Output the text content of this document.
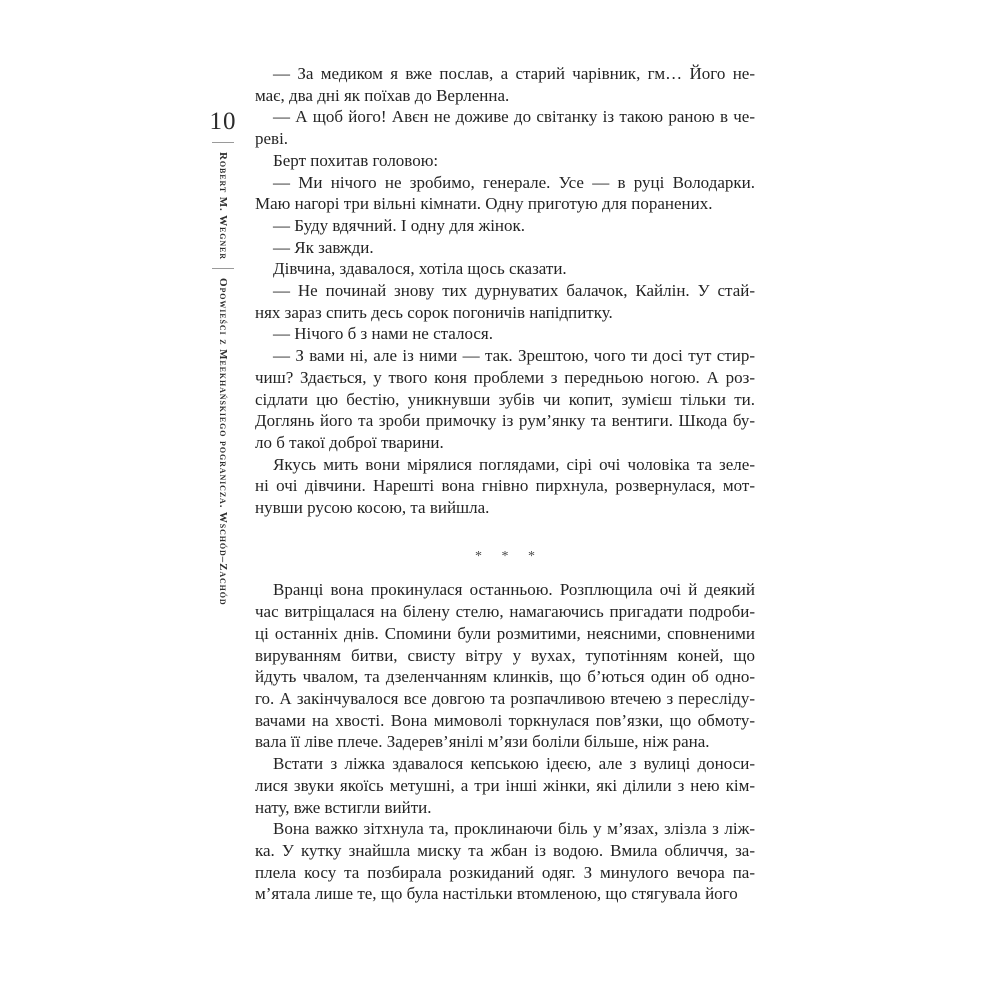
10
Robert M. Wegner
Opowieści z Meekhańskiego pogranicza. Wschód–Zachód

— За медиком я вже послав, а старий чарівник, гм… Його не-
має, два дні як поїхав до Верленна.

— А щоб його! Авєн не доживе до світанку із такою раною в че-
реві.

Берт похитав головою:

— Ми нічого не зробимо, генерале. Усе — в руці Володарки.
Маю нагорі три вільні кімнати. Одну приготую для поранених.

— Буду вдячний. І одну для жінок.

— Як завжди.

Дівчина, здавалося, хотіла щось сказати.

— Не починай знову тих дурнуватих балачок, Кайлін. У стай-
нях зараз спить десь сорок погоничів напідпитку.

— Нічого б з нами не сталося.

— З вами ні, але із ними — так. Зрештою, чого ти досі тут стир-
чиш? Здається, у твого коня проблеми з передньою ногою. А роз-
сідлати цю бестію, уникнувши зубів чи копит, зумієш тільки ти.
Доглянь його та зроби примочку із рум’янку та вентиги. Шкода бу-
ло б такої доброї тварини.

Якусь мить вони мірялися поглядами, сірі очі чоловіка та зеле-
ні очі дівчини. Нарешті вона гнівно пирхнула, розвернулася, мот-
нувши русою косою, та вийшла.

* * *

Вранці вона прокинулася останньою. Розплющила очі й деякий
час витріщалася на білену стелю, намагаючись пригадати подроби-
ці останніх днів. Спомини були розмитими, неясними, сповненими
вируванням битви, свисту вітру у вухах, тупотінням коней, що
йдуть чвалом, та дзеленчанням клинків, що б’ються один об одно-
го. А закінчувалося все довгою та розпачливою втечею з пересліду-
вачами на хвості. Вона мимоволі торкнулася пов’язки, що обмоту-
вала її ліве плече. Задерев’янілі м’язи боліли більше, ніж рана.

Встати з ліжка здавалося кепською ідеєю, але з вулиці доноси-
лися звуки якоїсь метушні, а три інші жінки, які ділили з нею кім-
нату, вже встигли вийти.

Вона важко зітхнула та, проклинаючи біль у м’язах, злізла з ліж-
ка. У кутку знайшла миску та жбан із водою. Вмила обличчя, за-
плела косу та позбирала розкиданий одяг. З минулого вечора па-
м’ятала лише те, що була настільки втомленою, що стягувала його
